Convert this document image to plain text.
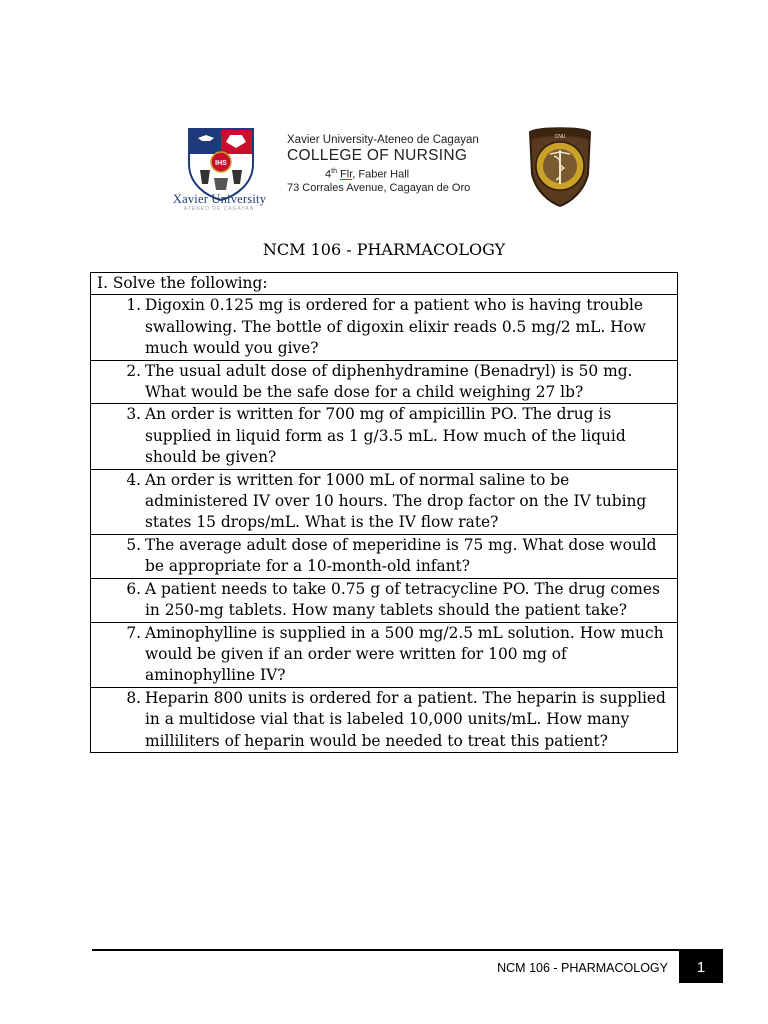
IHS
Xavier University
ATENEO DE CAGAYAN
Xavier University-Ateneo de Cagayan
COLLEGE OF NURSING
4th Flr, Faber Hall
73 Corrales Avenue, Cagayan de Oro
CNU
NCM 106 - PHARMACOLOGY
I. Solve the following:

1. Digoxin 0.125 mg is ordered for a patient who is having trouble swallowing. The bottle of digoxin elixir reads 0.5 mg/2 mL. How much would you give?

2. The usual adult dose of diphenhydramine (Benadryl) is 50 mg. What would be the safe dose for a child weighing 27 lb?

3. An order is written for 700 mg of ampicillin PO. The drug is supplied in liquid form as 1 g/3.5 mL. How much of the liquid should be given?

4. An order is written for 1000 mL of normal saline to be administered IV over 10 hours. The drop factor on the IV tubing states 15 drops/mL. What is the IV flow rate?

5. The average adult dose of meperidine is 75 mg. What dose would be appropriate for a 10-month-old infant?

6. A patient needs to take 0.75 g of tetracycline PO. The drug comes in 250-mg tablets. How many tablets should the patient take?

7. Aminophylline is supplied in a 500 mg/2.5 mL solution. How much would be given if an order were written for 100 mg of aminophylline IV?

8. Heparin 800 units is ordered for a patient. The heparin is supplied in a multidose vial that is labeled 10,000 units/mL. How many milliliters of heparin would be needed to treat this patient?
NCM 106 - PHARMACOLOGY	1
